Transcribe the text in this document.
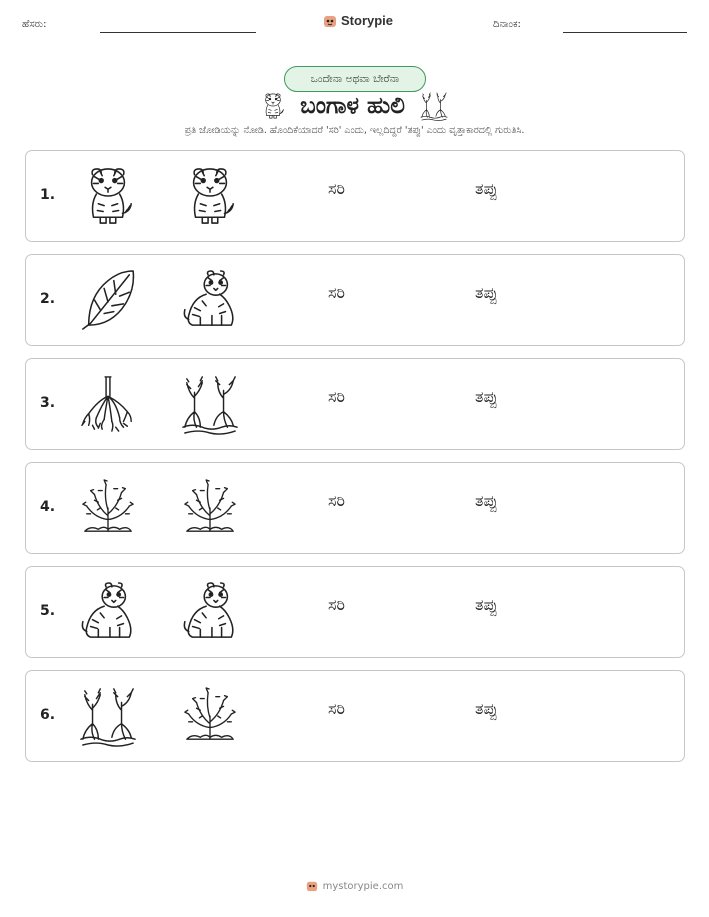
ಹೆಸರು:	Storypie	ದಿನಾಂಕ:
ಒಂದೇನಾ ಅಥವಾ ಬೇರೆನಾ
ಬಂಗಾಳ ಹುಲಿ
ಪ್ರತಿ ಜೋಡಿಯನ್ನು ನೋಡಿ. ಹೊಂದಿಕೆಯಾದರೆ 'ಸರಿ' ಎಂದು, ಇಲ್ಲದಿದ್ದರೆ 'ತಪ್ಪು' ಎಂದು ವೃತ್ತಾಕಾರದಲ್ಲಿ ಗುರುತಿಸಿ.
1.	ಸರಿ	ತಪ್ಪು
2.	ಸರಿ	ತಪ್ಪು
3.	ಸರಿ	ತಪ್ಪು
4.	ಸರಿ	ತಪ್ಪು
5.	ಸರಿ	ತಪ್ಪು
6.	ಸರಿ	ತಪ್ಪು
mystorypie.com
